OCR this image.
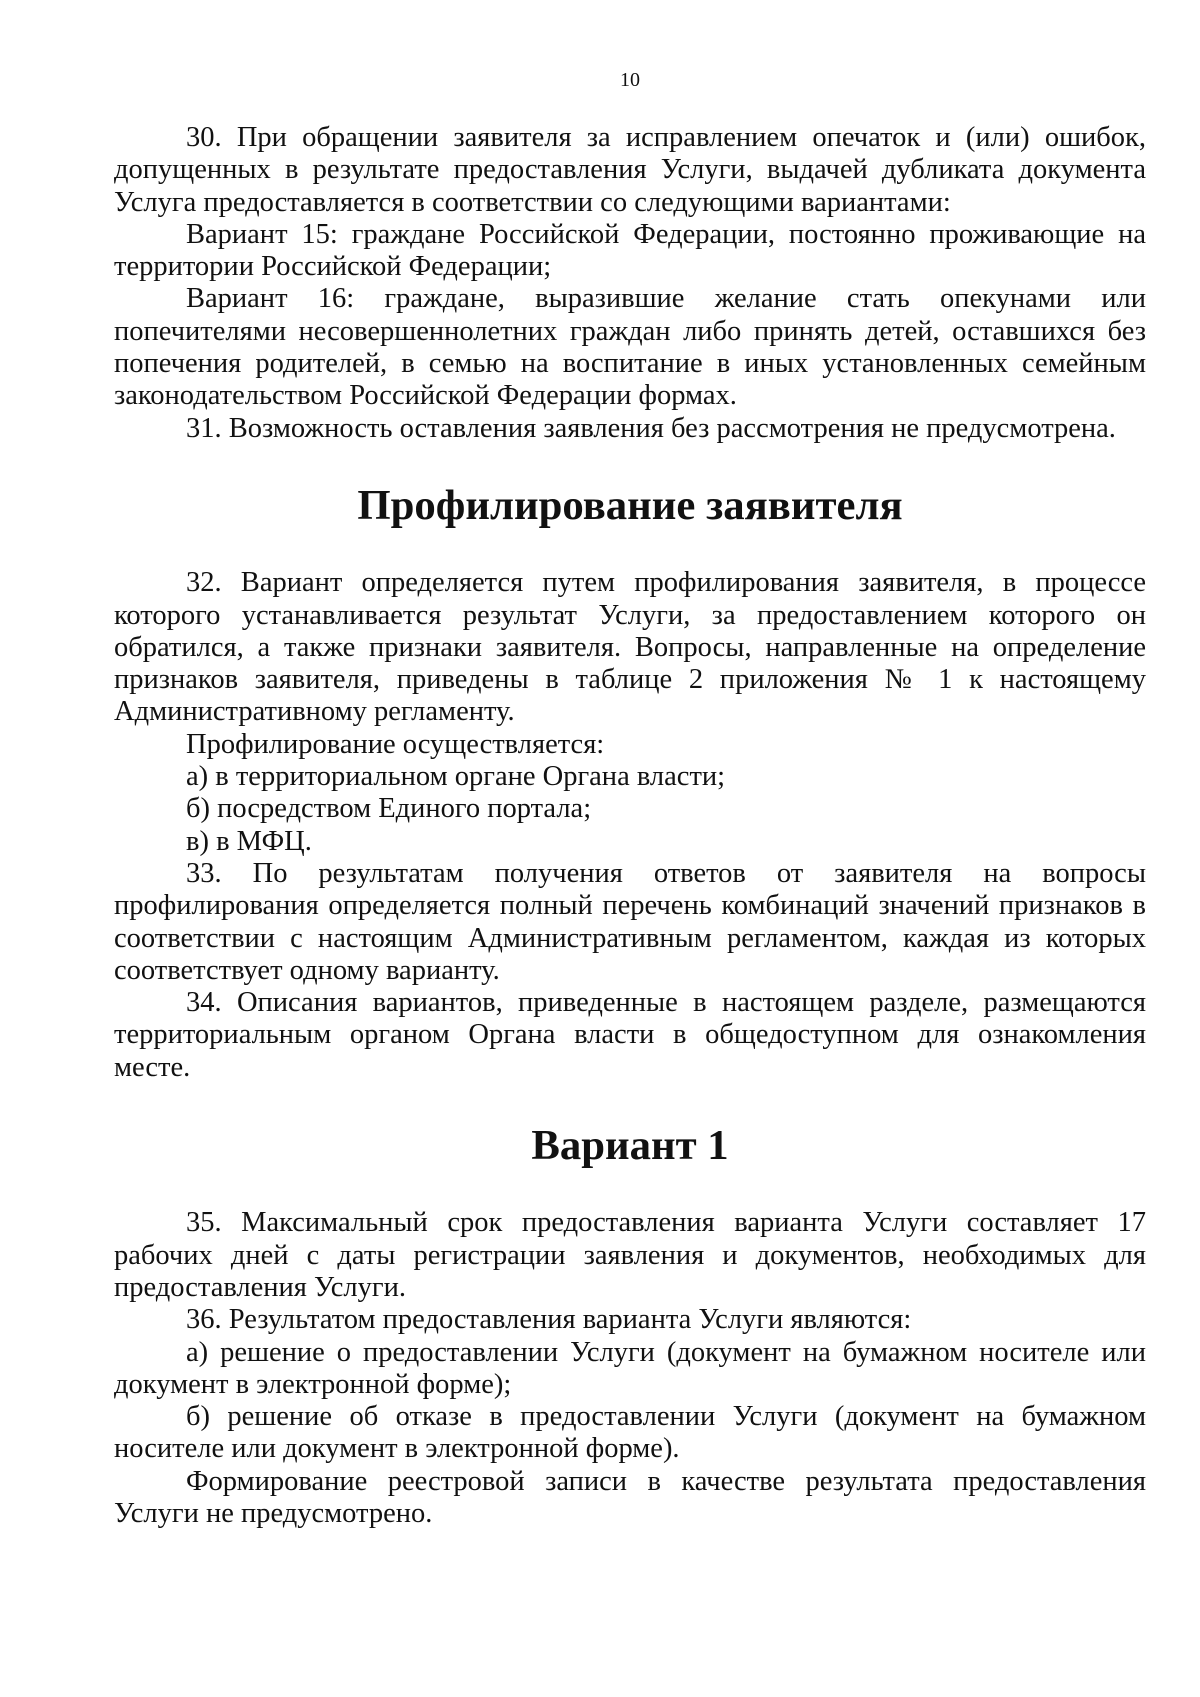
10

30. При обращении заявителя за исправлением опечаток и (или) ошибок, допущенных в результате предоставления Услуги, выдачей дубликата документа Услуга предоставляется в соответствии со следующими вариантами:

Вариант 15: граждане Российской Федерации, постоянно проживающие на территории Российской Федерации;

Вариант 16: граждане, выразившие желание стать опекунами или попечителями несовершеннолетних граждан либо принять детей, оставшихся без попечения родителей, в семью на воспитание в иных установленных семейным законодательством Российской Федерации формах.

31. Возможность оставления заявления без рассмотрения не предусмотрена.

Профилирование заявителя

32. Вариант определяется путем профилирования заявителя, в процессе которого устанавливается результат Услуги, за предоставлением которого он обратился, а также признаки заявителя. Вопросы, направленные на определение признаков заявителя, приведены в таблице 2 приложения № 1 к настоящему Административному регламенту.

Профилирование осуществляется:

а) в территориальном органе Органа власти;

б) посредством Единого портала;

в) в МФЦ.

33. По результатам получения ответов от заявителя на вопросы профилирования определяется полный перечень комбинаций значений признаков в соответствии с настоящим Административным регламентом, каждая из которых соответствует одному варианту.

34. Описания вариантов, приведенные в настоящем разделе, размещаются территориальным органом Органа власти в общедоступном для ознакомления месте.

Вариант 1

35. Максимальный срок предоставления варианта Услуги составляет 17 рабочих дней с даты регистрации заявления и документов, необходимых для предоставления Услуги.

36. Результатом предоставления варианта Услуги являются:

а) решение о предоставлении Услуги (документ на бумажном носителе или документ в электронной форме);

б) решение об отказе в предоставлении Услуги (документ на бумажном носителе или документ в электронной форме).

Формирование реестровой записи в качестве результата предоставления Услуги не предусмотрено.
